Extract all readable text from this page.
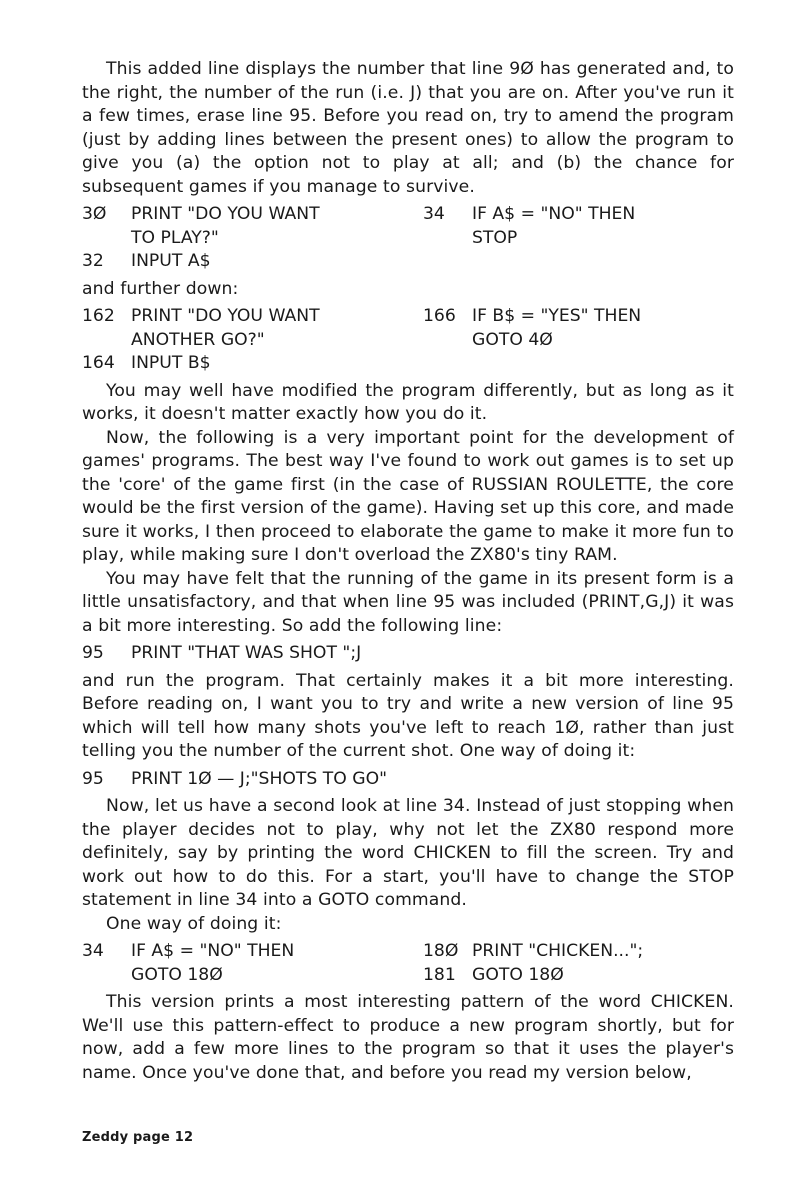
This added line displays the number that line 9Ø has generated and, to the right, the number of the run (i.e. J) that you are on. After you've run it a few times, erase line 95. Before you read on, try to amend the program (just by adding lines between the present ones) to allow the program to give you (a) the option not to play at all; and (b) the chance for subsequent games if you manage to survive.

3Ø	PRINT "DO YOU WANT
TO PLAY?"
32	INPUT A$
34	IF A$ = "NO" THEN
STOP

and further down:

162 PRINT "DO YOU WANT
ANOTHER GO?"
164 INPUT B$
166 IF B$ = "YES" THEN
GOTO 4Ø

You may well have modified the program differently, but as long as it works, it doesn't matter exactly how you do it.

Now, the following is a very important point for the development of games' programs. The best way I've found to work out games is to set up the 'core' of the game first (in the case of RUSSIAN ROULETTE, the core would be the first version of the game). Having set up this core, and made sure it works, I then proceed to elaborate the game to make it more fun to play, while making sure I don't overload the ZX80's tiny RAM.

You may have felt that the running of the game in its present form is a little unsatisfactory, and that when line 95 was included (PRINT,G,J) it was a bit more interesting. So add the following line:

95	PRINT "THAT WAS SHOT ";J

and run the program. That certainly makes it a bit more interesting. Before reading on, I want you to try and write a new version of line 95 which will tell how many shots you've left to reach 1Ø, rather than just telling you the number of the current shot. One way of doing it:

95	PRINT 1Ø — J;"SHOTS TO GO"

Now, let us have a second look at line 34. Instead of just stopping when the player decides not to play, why not let the ZX80 respond more definitely, say by printing the word CHICKEN to fill the screen. Try and work out how to do this. For a start, you'll have to change the STOP statement in line 34 into a GOTO command.

One way of doing it:

34	IF A$ = "NO" THEN
GOTO 18Ø
18Ø PRINT "CHICKEN...";
181 GOTO 18Ø

This version prints a most interesting pattern of the word CHICKEN. We'll use this pattern-effect to produce a new program shortly, but for now, add a few more lines to the program so that it uses the player's name. Once you've done that, and before you read my version below,

Zeddy page 12
